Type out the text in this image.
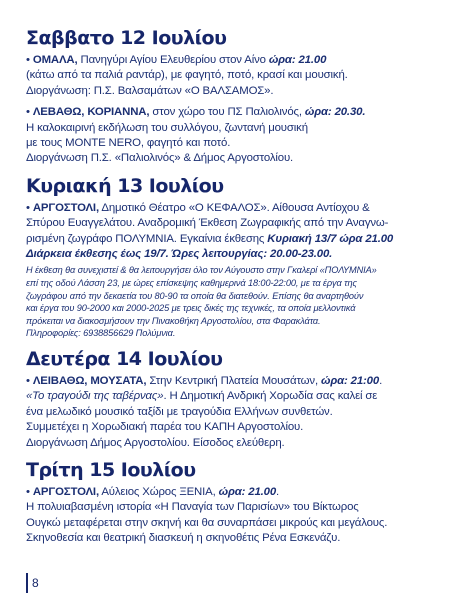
Σαββατο 12 Ιουλίου

• ΟΜΑΛΑ, Πανηγύρι Αγίου Ελευθερίου στον Αίνο ώρα: 21.00

(κάτω από τα παλιά ραντάρ), με φαγητό, ποτό, κρασί και μουσική.

Διοργάνωση: Π.Σ. Βαλσαμάτων «Ο ΒΑΛΣΑΜΟΣ».

• ΛΕΒΑΘΩ, ΚΟΡΙΑΝΝΑ, στον χώρο του ΠΣ Παλιολινός, ώρα: 20.30.

Η καλοκαιρινή εκδήλωση του συλλόγου, ζωντανή μουσική

με τους MONTE NERO, φαγητό και ποτό.

Διοργάνωση Π.Σ. «Παλιολινός» & Δήμος Αργοστολίου.

Κυριακή 13 Ιουλίου

• ΑΡΓΟΣΤΟΛΙ, Δημοτικό Θέατρο «Ο ΚΕΦΑΛΟΣ». Αίθουσα Αντίοχου &

Σπύρου Ευαγγελάτου. Αναδρομική Έκθεση Ζωγραφικής από την Αναγνω-

ρισμένη ζωγράφο ΠΟΛΥΜΝΙΑ. Εγκαίνια έκθεσης Κυριακή 13/7 ώρα 21.00

Διάρκεια έκθεσης έως 19/7. Ώρες λειτουργίας: 20.00-23.00.

Η έκθεση θα συνεχιστεί & θα λειτουργήσει όλο τον Αύγουστο στην Γκαλερί «ΠΟΛΥΜΝΙΑ»

επί της οδού Λάσση 23, με ώρες επίσκεψης καθημερινά 18:00-22:00, με τα έργα της

ζωγράφου από την δεκαετία του 80-90 τα οποία θα διατεθούν. Επίσης θα αναρτηθούν

και έργα του 90-2000 και 2000-2025 με τρεις δικές της τεχνικές, τα οποία μελλοντικά

πρόκειται να διακοσμήσουν την Πινακοθήκη Αργοστολίου, στα Φαρακλάτα.

Πληροφορίες: 6938856629 Πολύμνια.

Δευτέρα 14 Ιουλίου

• ΛΕΙΒΑΘΩ, ΜΟΥΣΑΤΑ, Στην Κεντρική Πλατεία Μουσάτων, ώρα: 21:00.

«Το τραγούδι της ταβέρνας». Η Δημοτική Ανδρική Χορωδία σας καλεί σε

ένα μελωδικό μουσικό ταξίδι με τραγούδια Ελλήνων συνθετών.

Συμμετέχει η Χορωδιακή παρέα του ΚΑΠΗ Αργοστολίου.

Διοργάνωση Δήμος Αργοστολίου. Είσοδος ελεύθερη.

Τρίτη 15 Ιουλίου

• ΑΡΓΟΣΤΟΛΙ, Αύλειος Χώρος ΞΕΝΙΑ, ώρα: 21.00.

Η πολυιαβασμένη ιστορία «Η Παναγία των Παρισίων» του Βίκτωρος

Ουγκώ μεταφέρεται στην σκηνή και θα συναρπάσει μικρούς και μεγάλους.

Σκηνοθεσία και θεατρική διασκευή η σκηνοθέτις Ρένα Εσκενάζυ.

8
